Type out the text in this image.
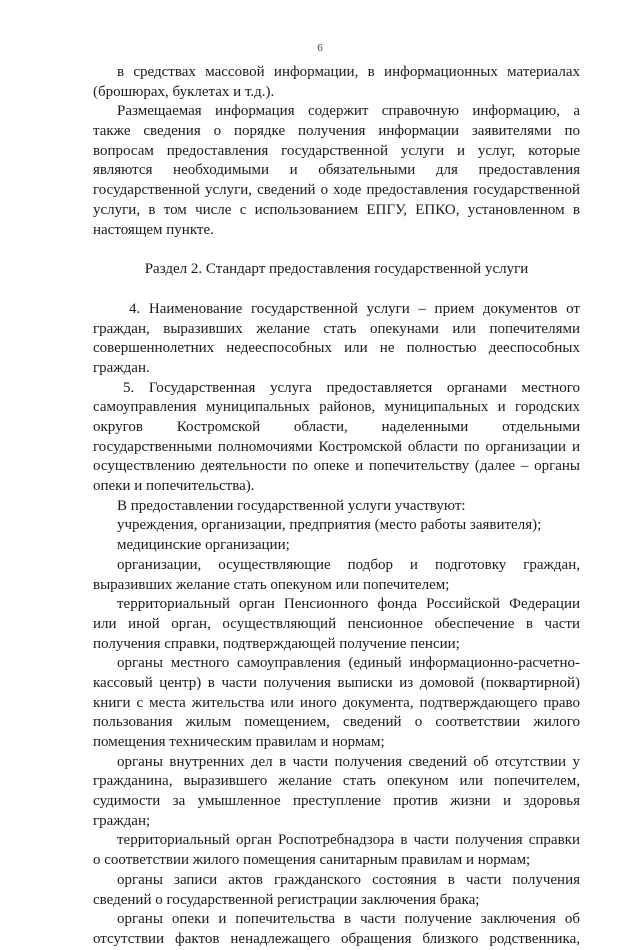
6
в средствах массовой информации, в информационных материалах
(брошюрах, буклетах и т.д.).
Размещаемая информация содержит справочную информацию, а
также сведения о порядке получения информации заявителями по
вопросам предоставления государственной услуги и услуг, которые
являются необходимыми и обязательными для предоставления
государственной услуги, сведений о ходе предоставления государственной
услуги, в том числе с использованием ЕПГУ, ЕПКО, установленном в
настоящем пункте.
Раздел 2. Стандарт предоставления государственной услуги
4. Наименование государственной услуги – прием документов от
граждан, выразивших желание стать опекунами или попечителями
совершеннолетних недееспособных или не полностью дееспособных
граждан.
5. Государственная услуга предоставляется органами местного
самоуправления муниципальных районов, муниципальных и городских
округов Костромской области, наделенными отдельными
государственными полномочиями Костромской области по организации и
осуществлению деятельности по опеке и попечительству (далее – органы
опеки и попечительства).
В предоставлении государственной услуги участвуют:
учреждения, организации, предприятия (место работы заявителя);
медицинские организации;
организации, осуществляющие подбор и подготовку граждан,
выразивших желание стать опекуном или попечителем;
территориальный орган Пенсионного фонда Российской Федерации
или иной орган, осуществляющий пенсионное обеспечение в части
получения справки, подтверждающей получение пенсии;
органы местного самоуправления (единый информационно-расчетно-
кассовый центр) в части получения выписки из домовой (поквартирной)
книги с места жительства или иного документа, подтверждающего право
пользования жилым помещением, сведений о соответствии жилого
помещения техническим правилам и нормам;
органы внутренних дел в части получения сведений об отсутствии у
гражданина, выразившего желание стать опекуном или попечителем,
судимости за умышленное преступление против жизни и здоровья
граждан;
территориальный орган Роспотребнадзора в части получения справки
о соответствии жилого помещения санитарным правилам и нормам;
органы записи актов гражданского состояния в части получения
сведений о государственной регистрации заключения брака;
органы опеки и попечительства в части получение заключения об
отсутствии фактов ненадлежащего обращения близкого родственника,
